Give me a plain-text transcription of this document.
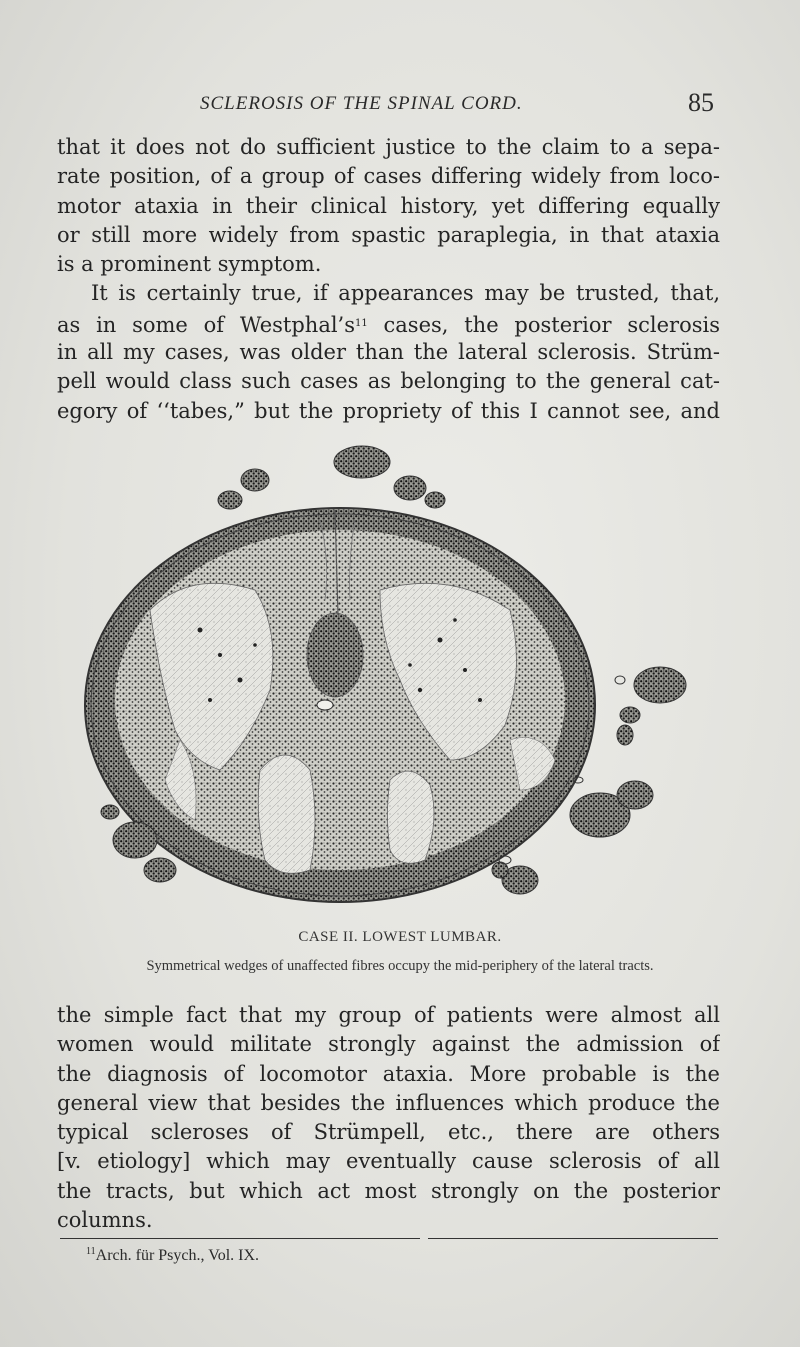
SCLEROSIS OF THE SPINAL CORD.	85
that it does not do sufficient justice to the claim to a sepa-
rate position, of a group of cases differing widely from loco-
motor ataxia in their clinical history, yet differing equally
or still more widely from spastic paraplegia, in that ataxia
is a prominent symptom.
It is certainly true, if appearances may be trusted, that,
as in some of $Westphal’s^{11}$ cases, the posterior sclerosis
in all my cases, was older than the lateral sclerosis. Strüm-
pell would class such cases as belonging to the general cat-
egory of ‘‘tabes,” but the propriety of this I cannot see, and
CASE II. LOWEST LUMBAR.
Symmetrical wedges of unaffected fibres occupy the mid-periphery of the lateral tracts.
the simple fact that my group of patients were almost all
women would militate strongly against the admission of
the diagnosis of locomotor ataxia. More probable is the
general view that besides the influences which produce the
typical scleroses of Strümpell, etc., there are others
[v. etiology] which may eventually cause sclerosis of all
the tracts, but which act most strongly on the posterior
columns.
$^{11}$Arch. für Psych., Vol. IX.
